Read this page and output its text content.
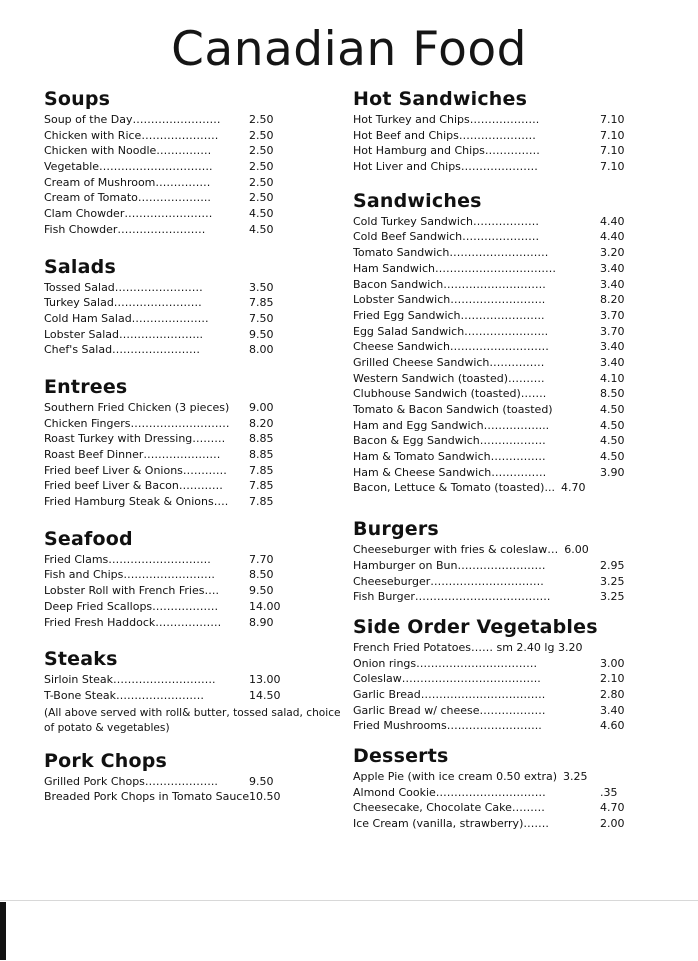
Canadian Food
Soups
Soup of the Day……………………	2.50
Chicken with Rice…………………	2.50
Chicken with Noodle……………	2.50
Vegetable………………………….	2.50
Cream of Mushroom……………	2.50
Cream of Tomato………………..	2.50
Clam Chowder……………………	4.50
Fish Chowder……………………	4.50
Salads
Tossed Salad……………………	3.50
Turkey Salad……………………	7.85
Cold Ham Salad…………………	7.50
Lobster Salad…………………..	9.50
Chef's Salad……………………	8.00
Entrees
Southern Fried Chicken (3 pieces)	9.00
Chicken Fingers………………………	8.20
Roast Turkey with Dressing………	8.85
Roast Beef Dinner…………………	8.85
Fried beef Liver & Onions…………	7.85
Fried beef Liver & Bacon…………	7.85
Fried Hamburg Steak & Onions….	7.85
Seafood
Fried Clams……………………….	7.70
Fish and Chips…………………….	8.50
Lobster Roll with French Fries….	9.50
Deep Fried Scallops………………	14.00
Fried Fresh Haddock………………	8.90
Steaks
Sirloin Steak……………………….	13.00
T-Bone Steak……………………	14.50
(All above served with roll& butter, tossed salad, choice of potato & vegetables)
Pork Chops
Grilled Pork Chops………………..	9.50
Breaded Pork Chops in Tomato Sauce 10.50
Hot Sandwiches
Hot Turkey and Chips……………….	7.10
Hot Beef and Chips…………………	7.10
Hot Hamburg and Chips……………	7.10
Hot Liver and Chips…………………	7.10
Sandwiches
Cold Turkey Sandwich………………	4.40
Cold Beef Sandwich…………………	4.40
Tomato Sandwich………………………	3.20
Ham Sandwich……………………………	3.40
Bacon Sandwich……………………….	3.40
Lobster Sandwich……………………..	8.20
Fried Egg Sandwich…………………..	3.70
Egg Salad Sandwich…………………..	3.70
Cheese Sandwich………………………	3.40
Grilled Cheese Sandwich……………	3.40
Western Sandwich (toasted)……….	4.10
Clubhouse Sandwich (toasted)…….	8.50
Tomato & Bacon Sandwich (toasted)	4.50
Ham and Egg Sandwich……………...	4.50
Bacon & Egg Sandwich………………	4.50
Ham & Tomato Sandwich……………	4.50
Ham & Cheese Sandwich……………	3.90
Bacon, Lettuce & Tomato (toasted)... 4.70
Burgers
Cheeseburger with fries & coleslaw… 6.00
Hamburger on Bun……………………	2.95
Cheeseburger………………………….	3.25
Fish Burger……………………………….	3.25
Side Order Vegetables
French Fried Potatoes…… sm 2.40 lg 3.20
Onion rings……………………………	3.00
Coleslaw………………………………..	2.10
Garlic Bread…………………………….	2.80
Garlic Bread w/ cheese………………	3.40
Fried Mushrooms……………………..	4.60
Desserts
Apple Pie (with ice cream 0.50 extra) 3.25
Almond Cookie…………………………	.35
Cheesecake, Chocolate Cake………	4.70
Ice Cream (vanilla, strawberry)…….	2.00
